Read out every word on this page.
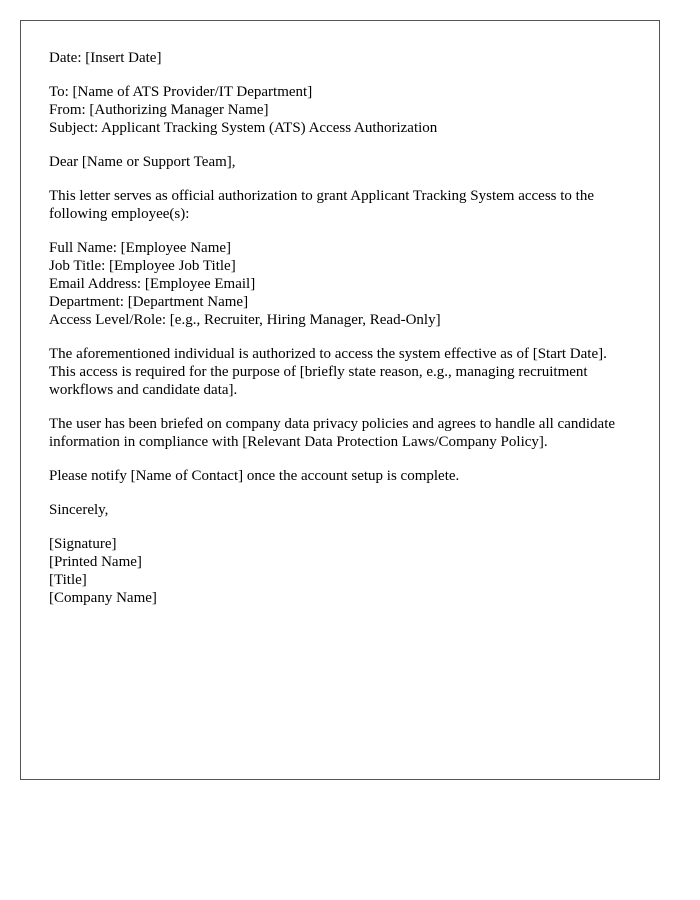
Date: [Insert Date]
To: [Name of ATS Provider/IT Department]
From: [Authorizing Manager Name]
Subject: Applicant Tracking System (ATS) Access Authorization
Dear [Name or Support Team],

This letter serves as official authorization to grant Applicant Tracking System access to the following employee(s):

Full Name: [Employee Name]
Job Title: [Employee Job Title]
Email Address: [Employee Email]
Department: [Department Name]
Access Level/Role: [e.g., Recruiter, Hiring Manager, Read-Only]

The aforementioned individual is authorized to access the system effective as of [Start Date]. This access is required for the purpose of [briefly state reason, e.g., managing recruitment workflows and candidate data].

The user has been briefed on company data privacy policies and agrees to handle all candidate information in compliance with [Relevant Data Protection Laws/Company Policy].

Please notify [Name of Contact] once the account setup is complete.

Sincerely,
[Signature]
[Printed Name]
[Title]
[Company Name]
